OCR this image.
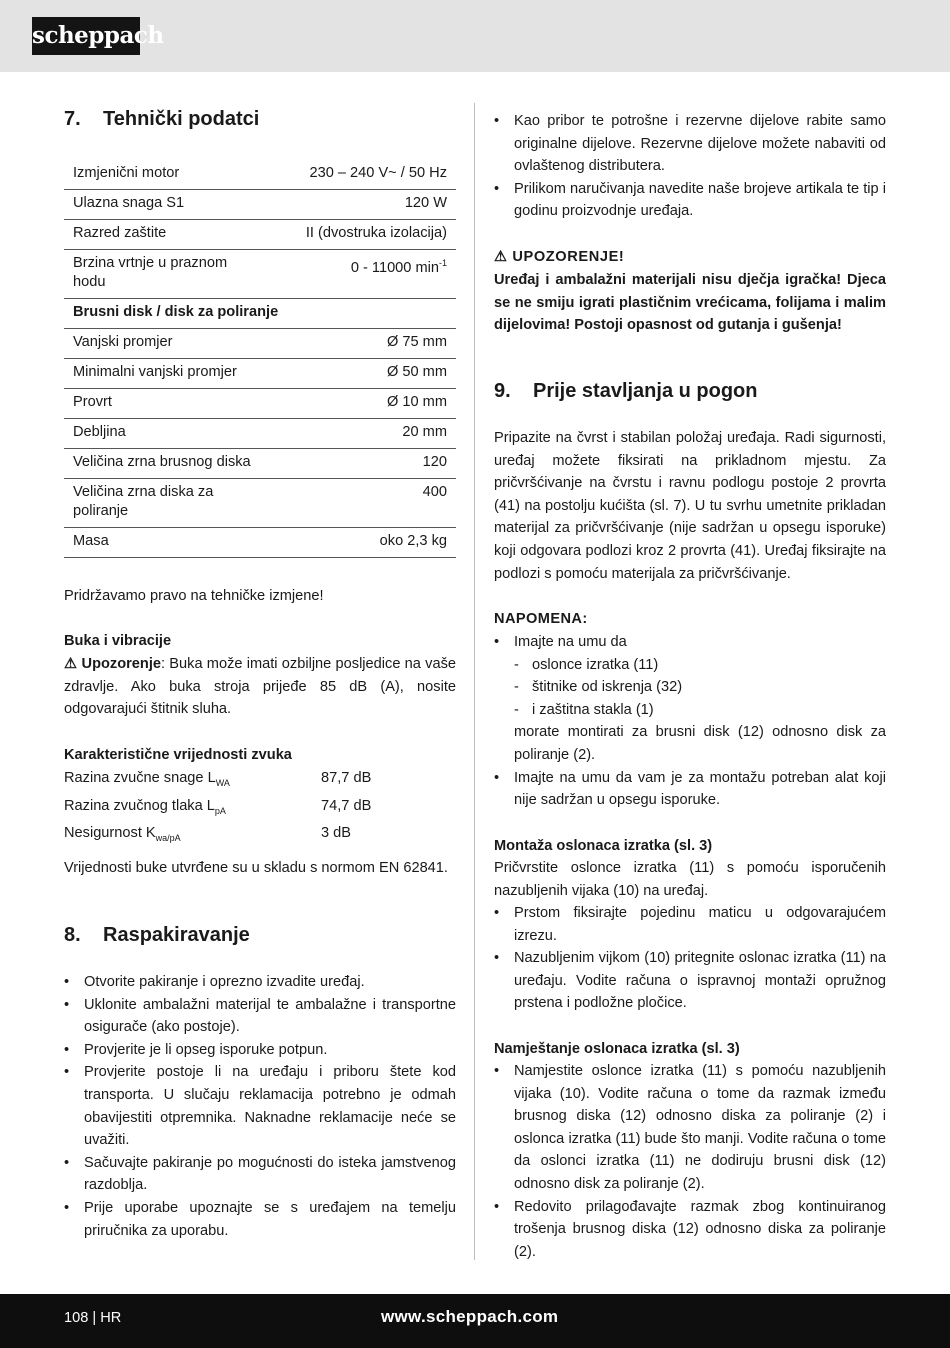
scheppach
7. Tehnički podatci
Izmjenični motor	230 – 240 V~ / 50 Hz
Ulazna snaga S1	120 W
Razred zaštite	II (dvostruka izolacija)
Brzina vrtnje u praznom hodu	0 - 11000 $\min^{-1}$
Brusni disk / disk za poliranje	
Vanjski promjer	Ø 75 mm
Minimalni vanjski promjer	Ø 50 mm
Provrt	Ø 10 mm
Debljina	20 mm
Veličina zrna brusnog diska	120
Veličina zrna diska za poliranje	400
Masa	oko 2,3 kg
Pridržavamo pravo na tehničke izmjene!
Buka i vibracije
⚠ Upozorenje: Buka može imati ozbiljne posljedice na vaše zdravlje. Ako buka stroja prijeđe 85 dB (A), nosite odgovarajući štitnik sluha.
Karakteristične vrijednosti zvuka
Razina zvučne snage $L_{WA}$	87,7 dB
Razina zvučnog tlaka $L_{pA}$	74,7 dB
Nesigurnost $K_{wa/pA}$	3 dB
Vrijednosti buke utvrđene su u skladu s normom EN 62841.
8. Raspakiravanje
• Otvorite pakiranje i oprezno izvadite uređaj.
• Uklonite ambalažni materijal te ambalažne i transportne osigurače (ako postoje).
• Provjerite je li opseg isporuke potpun.
• Provjerite postoje li na uređaju i priboru štete kod transporta. U slučaju reklamacija potrebno je odmah obavijestiti otpremnika. Naknadne reklamacije neće se uvažiti.
• Sačuvajte pakiranje po mogućnosti do isteka jamstvenog razdoblja.
• Prije uporabe upoznajte se s uređajem na temelju priručnika za uporabu.
• Kao pribor te potrošne i rezervne dijelove rabite samo originalne dijelove. Rezervne dijelove možete nabaviti od ovlaštenog distributera.
• Prilikom naručivanja navedite naše brojeve artikala te tip i godinu proizvodnje uređaja.
⚠ UPOZORENJE!
Uređaj i ambalažni materijali nisu dječja igračka! Djeca se ne smiju igrati plastičnim vrećicama, folijama i malim dijelovima! Postoji opasnost od gutanja i gušenja!
9. Prije stavljanja u pogon
Pripazite na čvrst i stabilan položaj uređaja. Radi sigurnosti, uređaj možete fiksirati na prikladnom mjestu. Za pričvršćivanje na čvrstu i ravnu podlogu postoje 2 provrta (41) na postolju kućišta (sl. 7). U tu svrhu umetnite prikladan materijal za pričvršćivanje (nije sadržan u opsegu isporuke) koji odgovara podlozi kroz 2 provrta (41). Uređaj fiksirajte na podlozi s pomoću materijala za pričvršćivanje.
NAPOMENA:
• Imajte na umu da
- oslonce izratka (11)
- štitnike od iskrenja (32)
- i zaštitna stakla (1)
morate montirati za brusni disk (12) odnosno disk za poliranje (2).
• Imajte na umu da vam je za montažu potreban alat koji nije sadržan u opsegu isporuke.
Montaža oslonaca izratka (sl. 3)
Pričvrstite oslonce izratka (11) s pomoću isporučenih nazubljenih vijaka (10) na uređaj.
• Prstom fiksirajte pojedinu maticu u odgovarajućem izrezu.
• Nazubljenim vijkom (10) pritegnite oslonac izratka (11) na uređaju. Vodite računa o ispravnoj montaži opružnog prstena i podložne pločice.
Namještanje oslonaca izratka (sl. 3)
• Namjestite oslonce izratka (11) s pomoću nazubljenih vijaka (10). Vodite računa o tome da razmak između brusnog diska (12) odnosno diska za poliranje (2) i oslonca izratka (11) bude što manji. Vodite računa o tome da oslonci izratka (11) ne dodiruju brusni disk (12) odnosno disk za poliranje (2).
• Redovito prilagođavajte razmak zbog kontinuiranog trošenja brusnog diska (12) odnosno diska za poliranje (2).
108 | HR	www.scheppach.com
